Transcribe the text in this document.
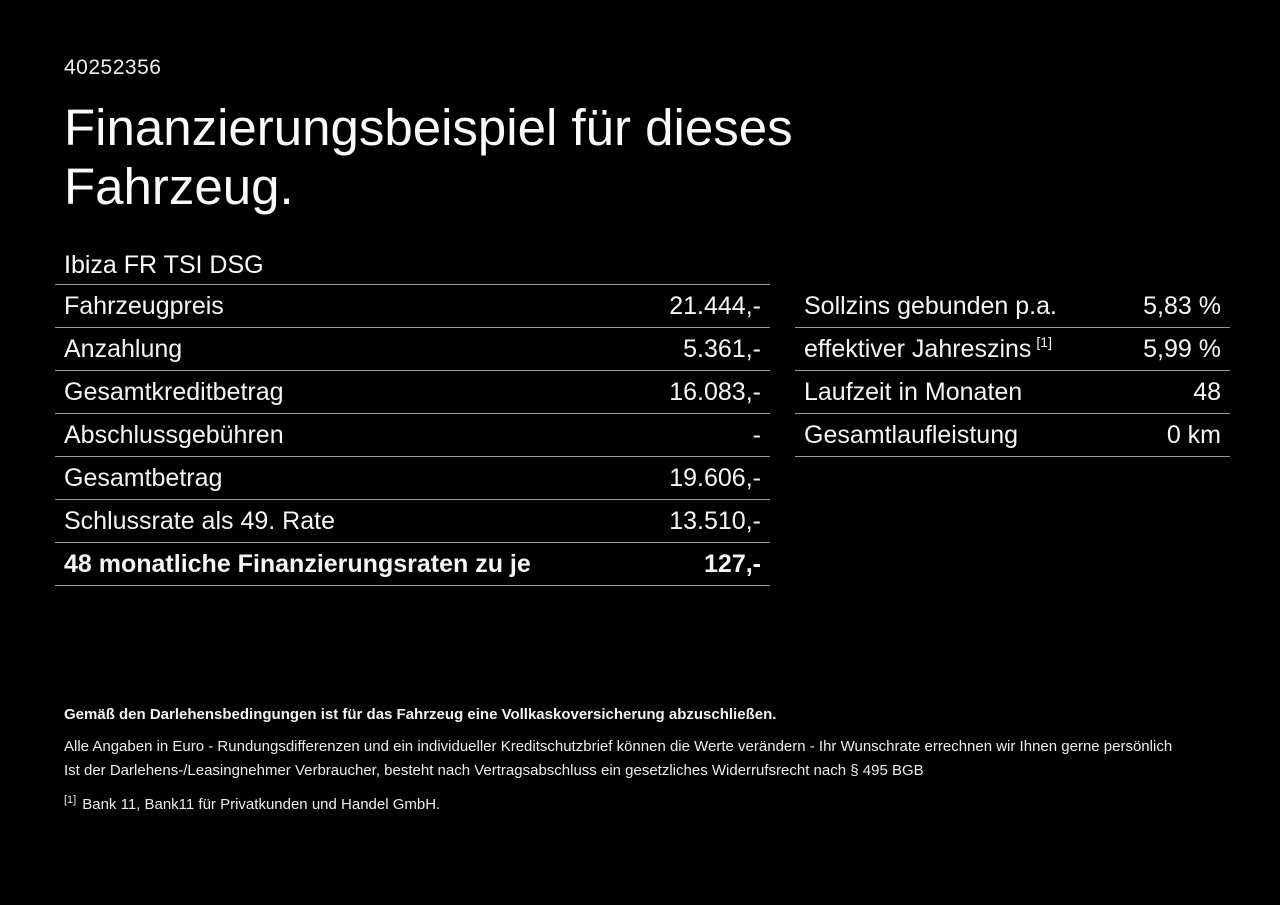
40252356
Finanzierungsbeispiel für dieses Fahrzeug.
Ibiza FR TSI DSG
Fahrzeugpreis	21.444,-
Anzahlung	5.361,-
Gesamtkreditbetrag	16.083,-
Abschlussgebühren	-
Gesamtbetrag	19.606,-
Schlussrate als 49. Rate	13.510,-
48 monatliche Finanzierungsraten zu je	127,-
Sollzins gebunden p.a.	5,83 %
effektiver Jahreszins [1]	5,99 %
Laufzeit in Monaten	48
Gesamtlaufleistung	0 km

Gemäß den Darlehensbedingungen ist für das Fahrzeug eine Vollkaskoversicherung abzuschließen.

Alle Angaben in Euro - Rundungsdifferenzen und ein individueller Kreditschutzbrief können die Werte verändern - Ihr Wunschrate errechnen wir Ihnen gerne persönlich

Ist der Darlehens-/Leasingnehmer Verbraucher, besteht nach Vertragsabschluss ein gesetzliches Widerrufsrecht nach § 495 BGB

[1] Bank 11, Bank11 für Privatkunden und Handel GmbH.
